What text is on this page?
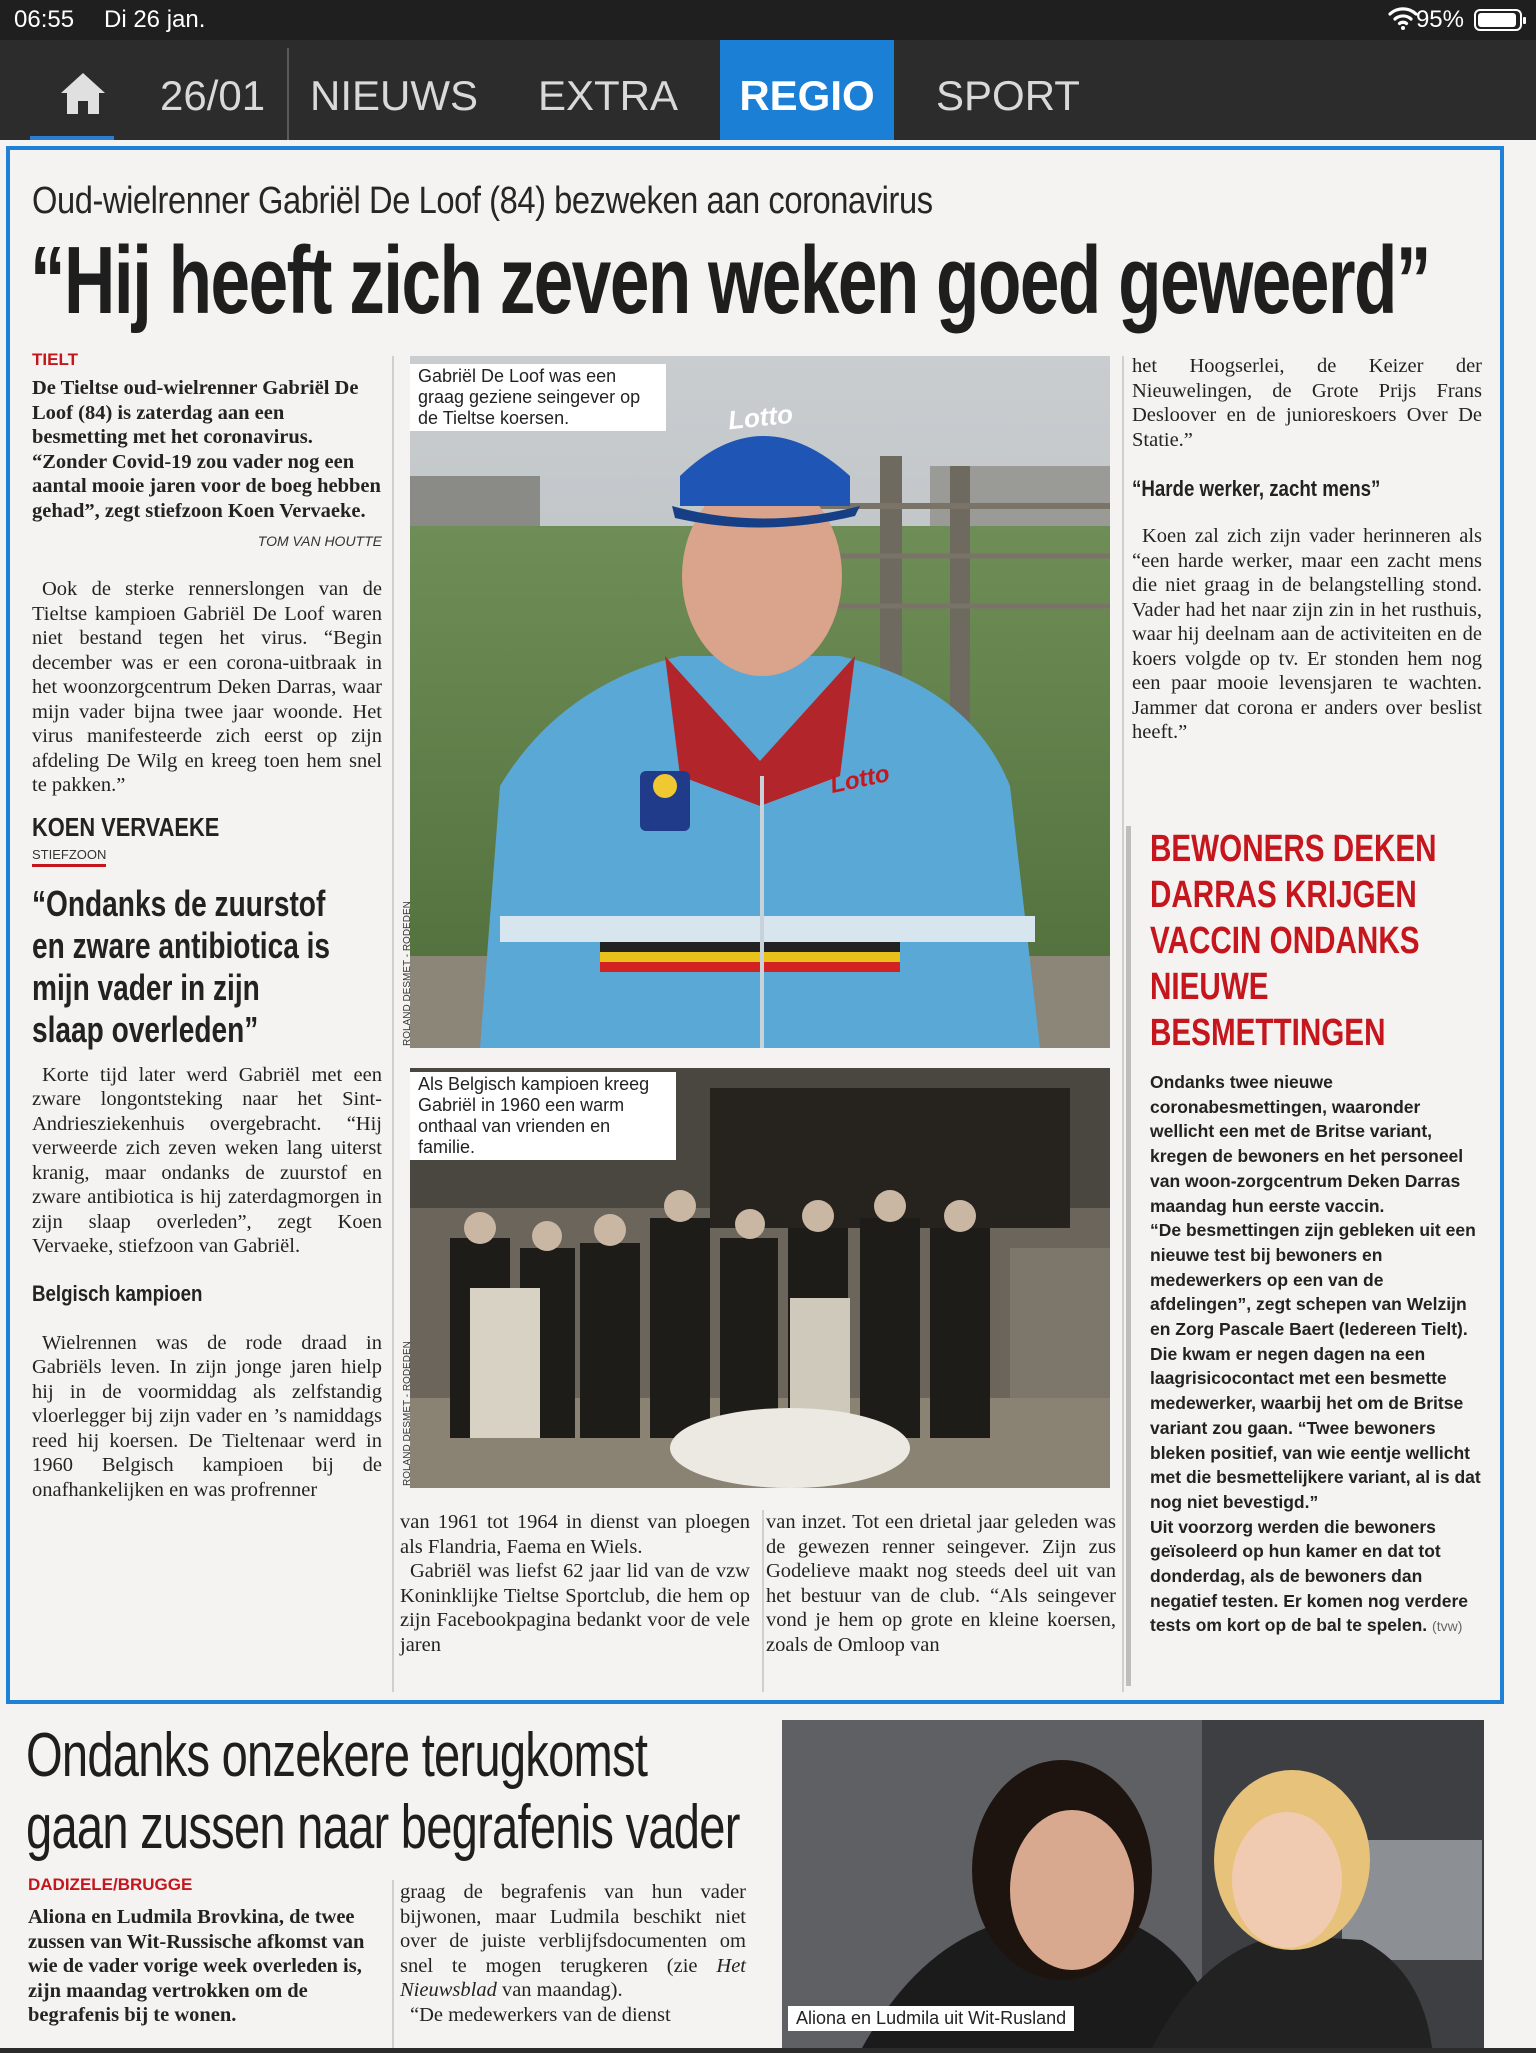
06:55 Di 26 jan.	95%
26/01 NIEUWS EXTRA	REGIO	SPORT
Oud-wielrenner Gabriël De Loof (84) bezweken aan coronavirus
“Hij heeft zich zeven weken goed geweerd”
TIELT
De Tieltse oud-wielrenner Gabriël De Loof (84) is zaterdag aan een besmetting met het coronavirus. “Zonder Covid-19 zou vader nog een aantal mooie jaren voor de boeg hebben gehad”, zegt stiefzoon Koen Vervaeke.
TOM VAN HOUTTE
Ook de sterke rennerslongen van de Tieltse kampioen Gabriël De Loof waren niet bestand tegen het virus. “Begin december was er een corona-uitbraak in het woonzorgcentrum Deken Darras, waar mijn vader bijna twee jaar woonde. Het virus manifesteerde zich eerst op zijn afdeling De Wilg en kreeg toen hem snel te pakken.”
KOEN VERVAEKE
STIEFZOON
“Ondanks de zuurstof en zware antibiotica is mijn vader in zijn slaap overleden”
Korte tijd later werd Gabriël met een zware longontsteking naar het Sint-Andriesziekenhuis overgebracht. “Hij verweerde zich zeven weken lang uiterst kranig, maar ondanks de zuurstof en zware antibiotica is hij zaterdagmorgen in zijn slaap overleden”, zegt Koen Vervaeke, stiefzoon van Gabriël.
Belgisch kampioen
Wielrennen was de rode draad in Gabriëls leven. In zijn jonge jaren hielp hij in de voormiddag als zelfstandig vloerlegger bij zijn vader en ’s namiddags reed hij koersen. De Tieltenaar werd in 1960 Belgisch kampioen bij de onafhankelijken en was profrenner
Lotto
Lotto
Gabriël De Loof was een graag geziene seingever op de Tieltse koersen.
ROLAND DESMET - RODEDEN
Als Belgisch kampioen kreeg Gabriël in 1960 een warm onthaal van vrienden en familie.
ROLAND DESMET - RODEDEN
van 1961 tot 1964 in dienst van ploegen als Flandria, Faema en Wiels.
Gabriël was liefst 62 jaar lid van de vzw Koninklijke Tieltse Sportclub, die hem op zijn Facebookpagina bedankt voor de vele jaren
van inzet. Tot een drietal jaar geleden was de gewezen renner seingever. Zijn zus Godelieve maakt nog steeds deel uit van het bestuur van de club. “Als seingever vond je hem op grote en kleine koersen, zoals de Omloop van
het Hoogserlei, de Keizer der Nieuwelingen, de Grote Prijs Frans Desloover en de junioreskoers Over De Statie.”
“Harde werker, zacht mens”
Koen zal zich zijn vader herinneren als “een harde werker, maar een zacht mens die niet graag in de belangstelling stond. Vader had het naar zijn zin in het rusthuis, waar hij deelnam aan de activiteiten en de koers volgde op tv. Er stonden hem nog een paar mooie levensjaren te wachten. Jammer dat corona er anders over beslist heeft.”
BEWONERS DEKEN DARRAS KRIJGEN VACCIN ONDANKS NIEUWE BESMETTINGEN
Ondanks twee nieuwe coronabesmettingen, waaronder wellicht een met de Britse variant, kregen de bewoners en het personeel van woon-zorgcentrum Deken Darras maandag hun eerste vaccin.
“De besmettingen zijn gebleken uit een nieuwe test bij bewoners en medewerkers op een van de afdelingen”, zegt schepen van Welzijn en Zorg Pascale Baert (Iedereen Tielt). Die kwam er negen dagen na een laagrisicocontact met een besmette medewerker, waarbij het om de Britse variant zou gaan. “Twee bewoners bleken positief, van wie eentje wellicht met die besmettelijkere variant, al is dat nog niet bevestigd.”
Uit voorzorg werden die bewoners geïsoleerd op hun kamer en dat tot donderdag, als de bewoners dan negatief testen. Er komen nog verdere tests om kort op de bal te spelen. (tvw)
Ondanks onzekere terugkomst
gaan zussen naar begrafenis vader
DADIZELE/BRUGGE
Aliona en Ludmila Brovkina, de twee zussen van Wit-Russische afkomst van wie de vader vorige week overleden is, zijn maandag vertrokken om de begrafenis bij te wonen.
graag de begrafenis van hun vader bijwonen, maar Ludmila beschikt niet over de juiste verblijfsdocumenten om snel te mogen terugkeren (zie Het Nieuwsblad van maandag).
“De medewerkers van de dienst	Aliona en Ludmila uit Wit-Rusland
